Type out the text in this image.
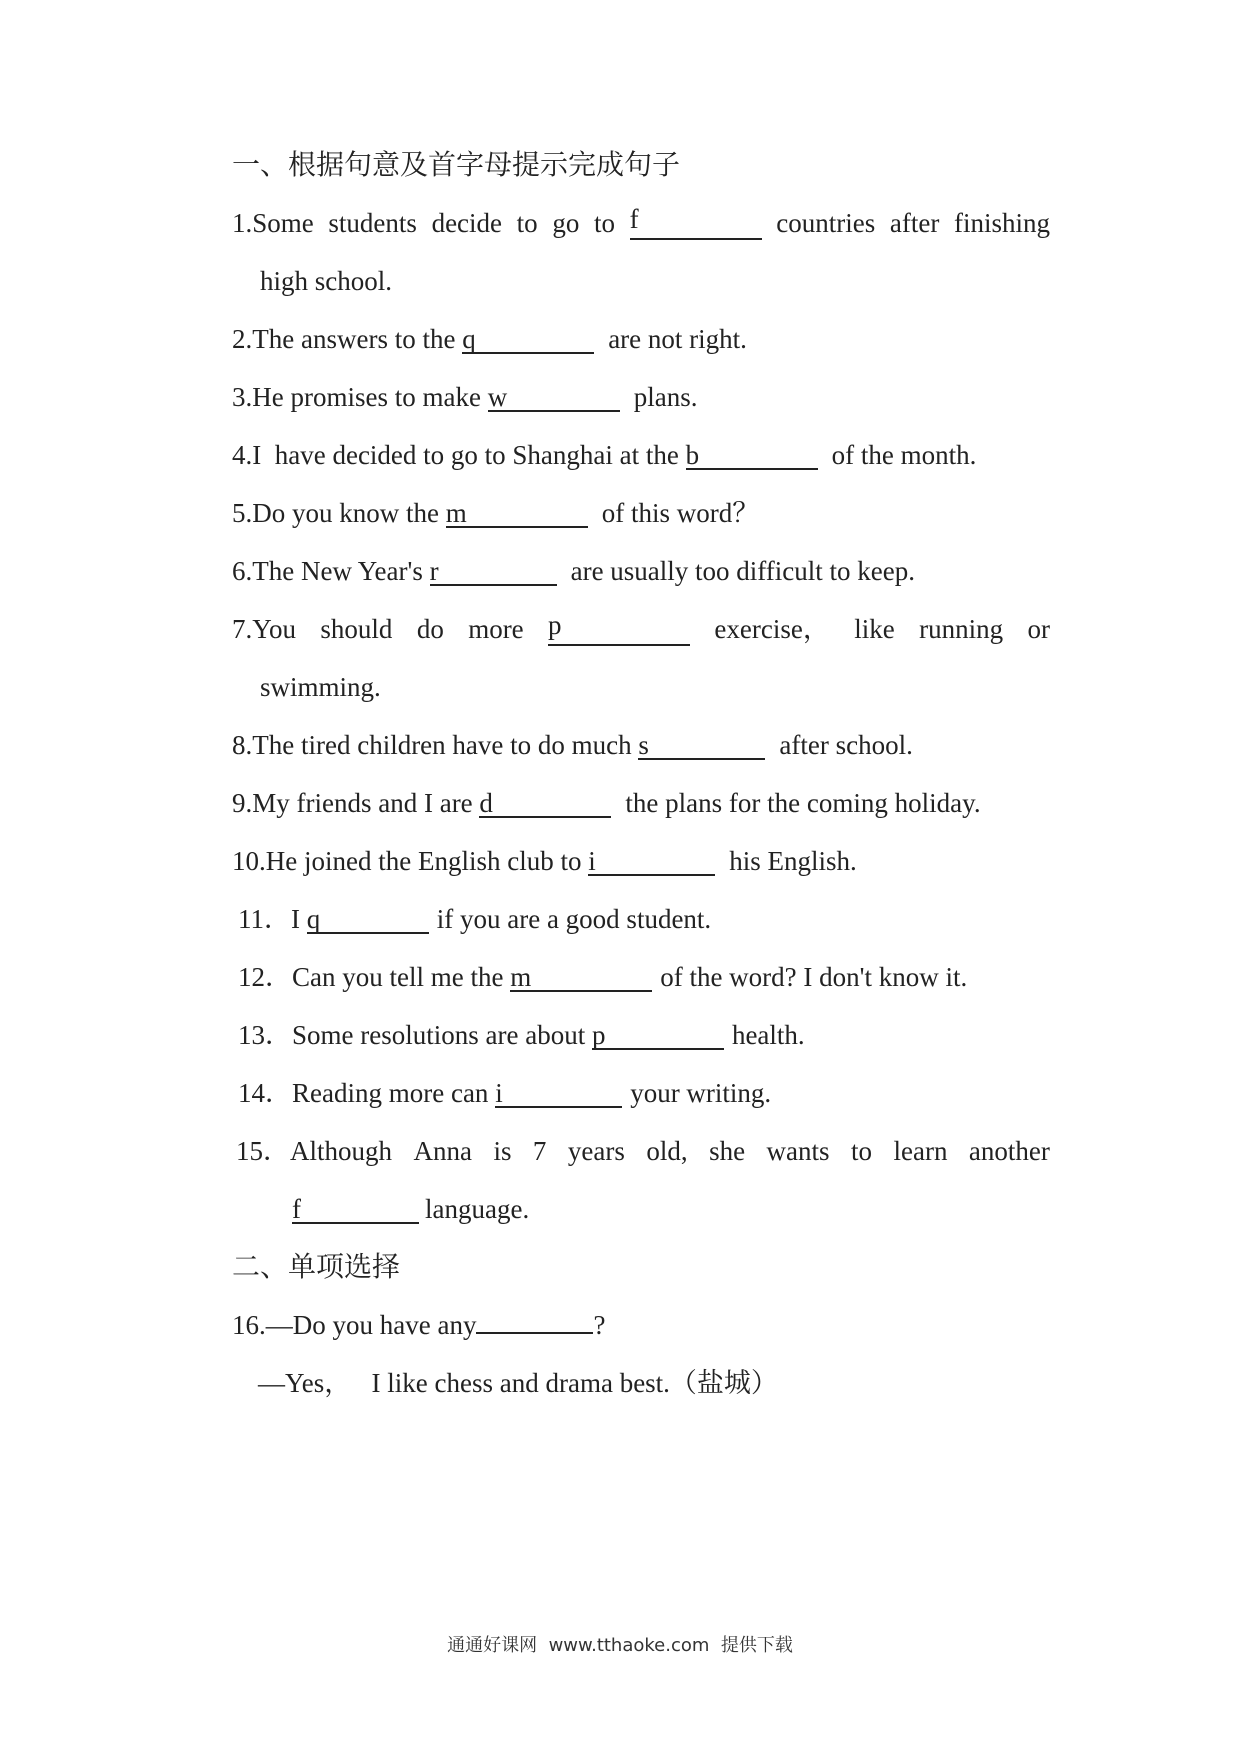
一、根据句意及首字母提示完成句子
1.Some students decide to go to f	countries after finishing
high school.
2.The answers to the q	are not right.
3.He promises to make w	plans.
4.I  have decided to go to Shanghai at the b	of the month.
5.Do you know the m	of this word？
6.The New Year's r	are usually too difficult to keep.
7.You should do more p	exercise， like running or
swimming.
8.The tired children have to do much s	after school.
9.My friends and I are d	the plans for the coming holiday.
10.He joined the English club to i	his English.
11．I q	if you are a good student.
12．Can you tell me the m	of the word? I don't know it.
13．Some resolutions are about p	health.
14．Reading more can i	your writing.
15．Although Anna is 7 years old, she wants to learn another
f	language.
二、单项选择
16.—Do you have any	?
—Yes，   I like chess and drama best.（盐城）
通通好课网  www.tthaoke.com  提供下载
